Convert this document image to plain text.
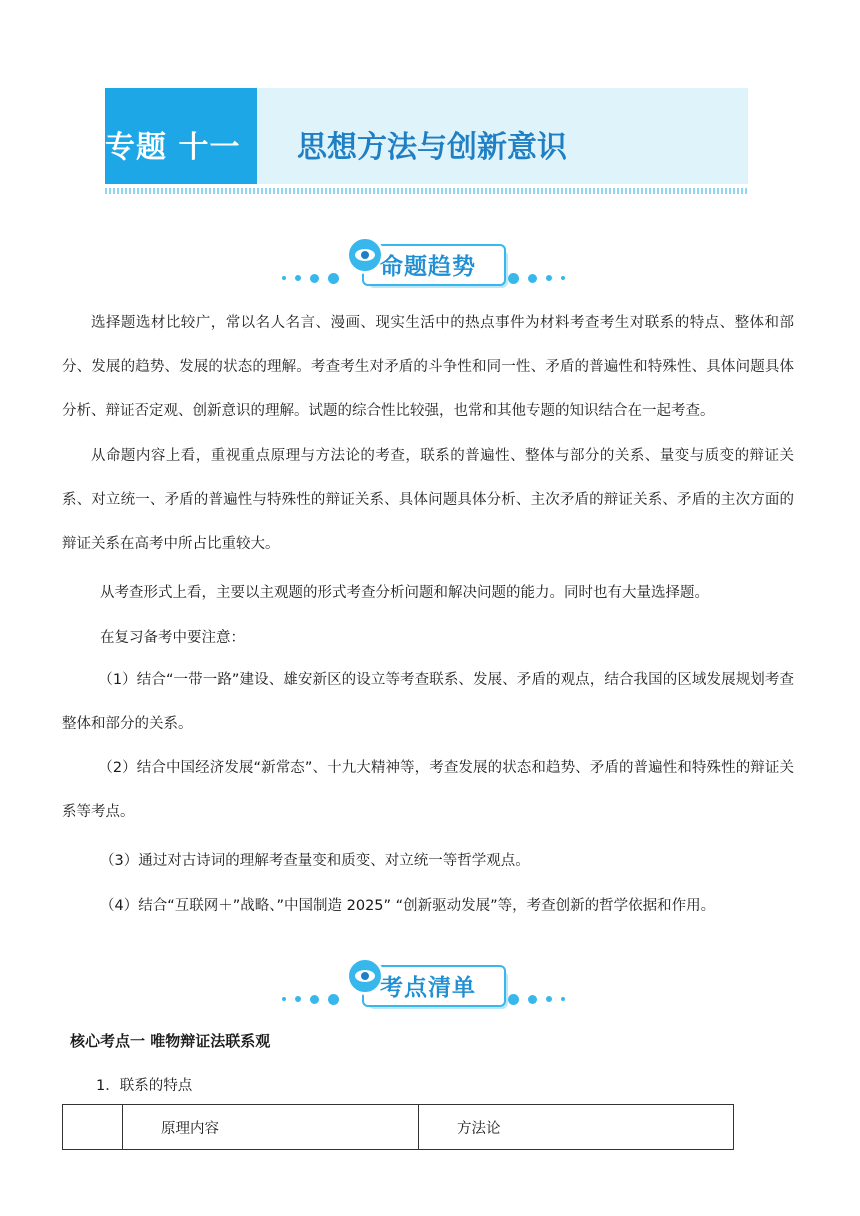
专题 十一 思想方法与创新意识
命题趋势

选择题选材比较广，常以名人名言、漫画、现实生活中的热点事件为材料考查考生对联系的特点、整体和部分、发展的趋势、发展的状态的理解。考查考生对矛盾的斗争性和同一性、矛盾的普遍性和特殊性、具体问题具体分析、辩证否定观、创新意识的理解。试题的综合性比较强，也常和其他专题的知识结合在一起考查。

从命题内容上看，重视重点原理与方法论的考查，联系的普遍性、整体与部分的关系、量变与质变的辩证关系、对立统一、矛盾的普遍性与特殊性的辩证关系、具体问题具体分析、主次矛盾的辩证关系、矛盾的主次方面的辩证关系在高考中所占比重较大。

从考查形式上看，主要以主观题的形式考查分析问题和解决问题的能力。同时也有大量选择题。
在复习备考中要注意：

（1）结合“一带一路”建设、雄安新区的设立等考查联系、发展、矛盾的观点，结合我国的区域发展规划考查整体和部分的关系。

（2）结合中国经济发展“新常态”、十九大精神等，考查发展的状态和趋势、矛盾的普遍性和特殊性的辩证关系等考点。

（3）通过对古诗词的理解考查量变和质变、对立统一等哲学观点。
（4）结合“互联网＋”战略、”中国制造 2025” “创新驱动发展”等，考查创新的哲学依据和作用。
考点清单
核心考点一 唯物辩证法联系观
1．联系的特点
	原理内容	方法论
